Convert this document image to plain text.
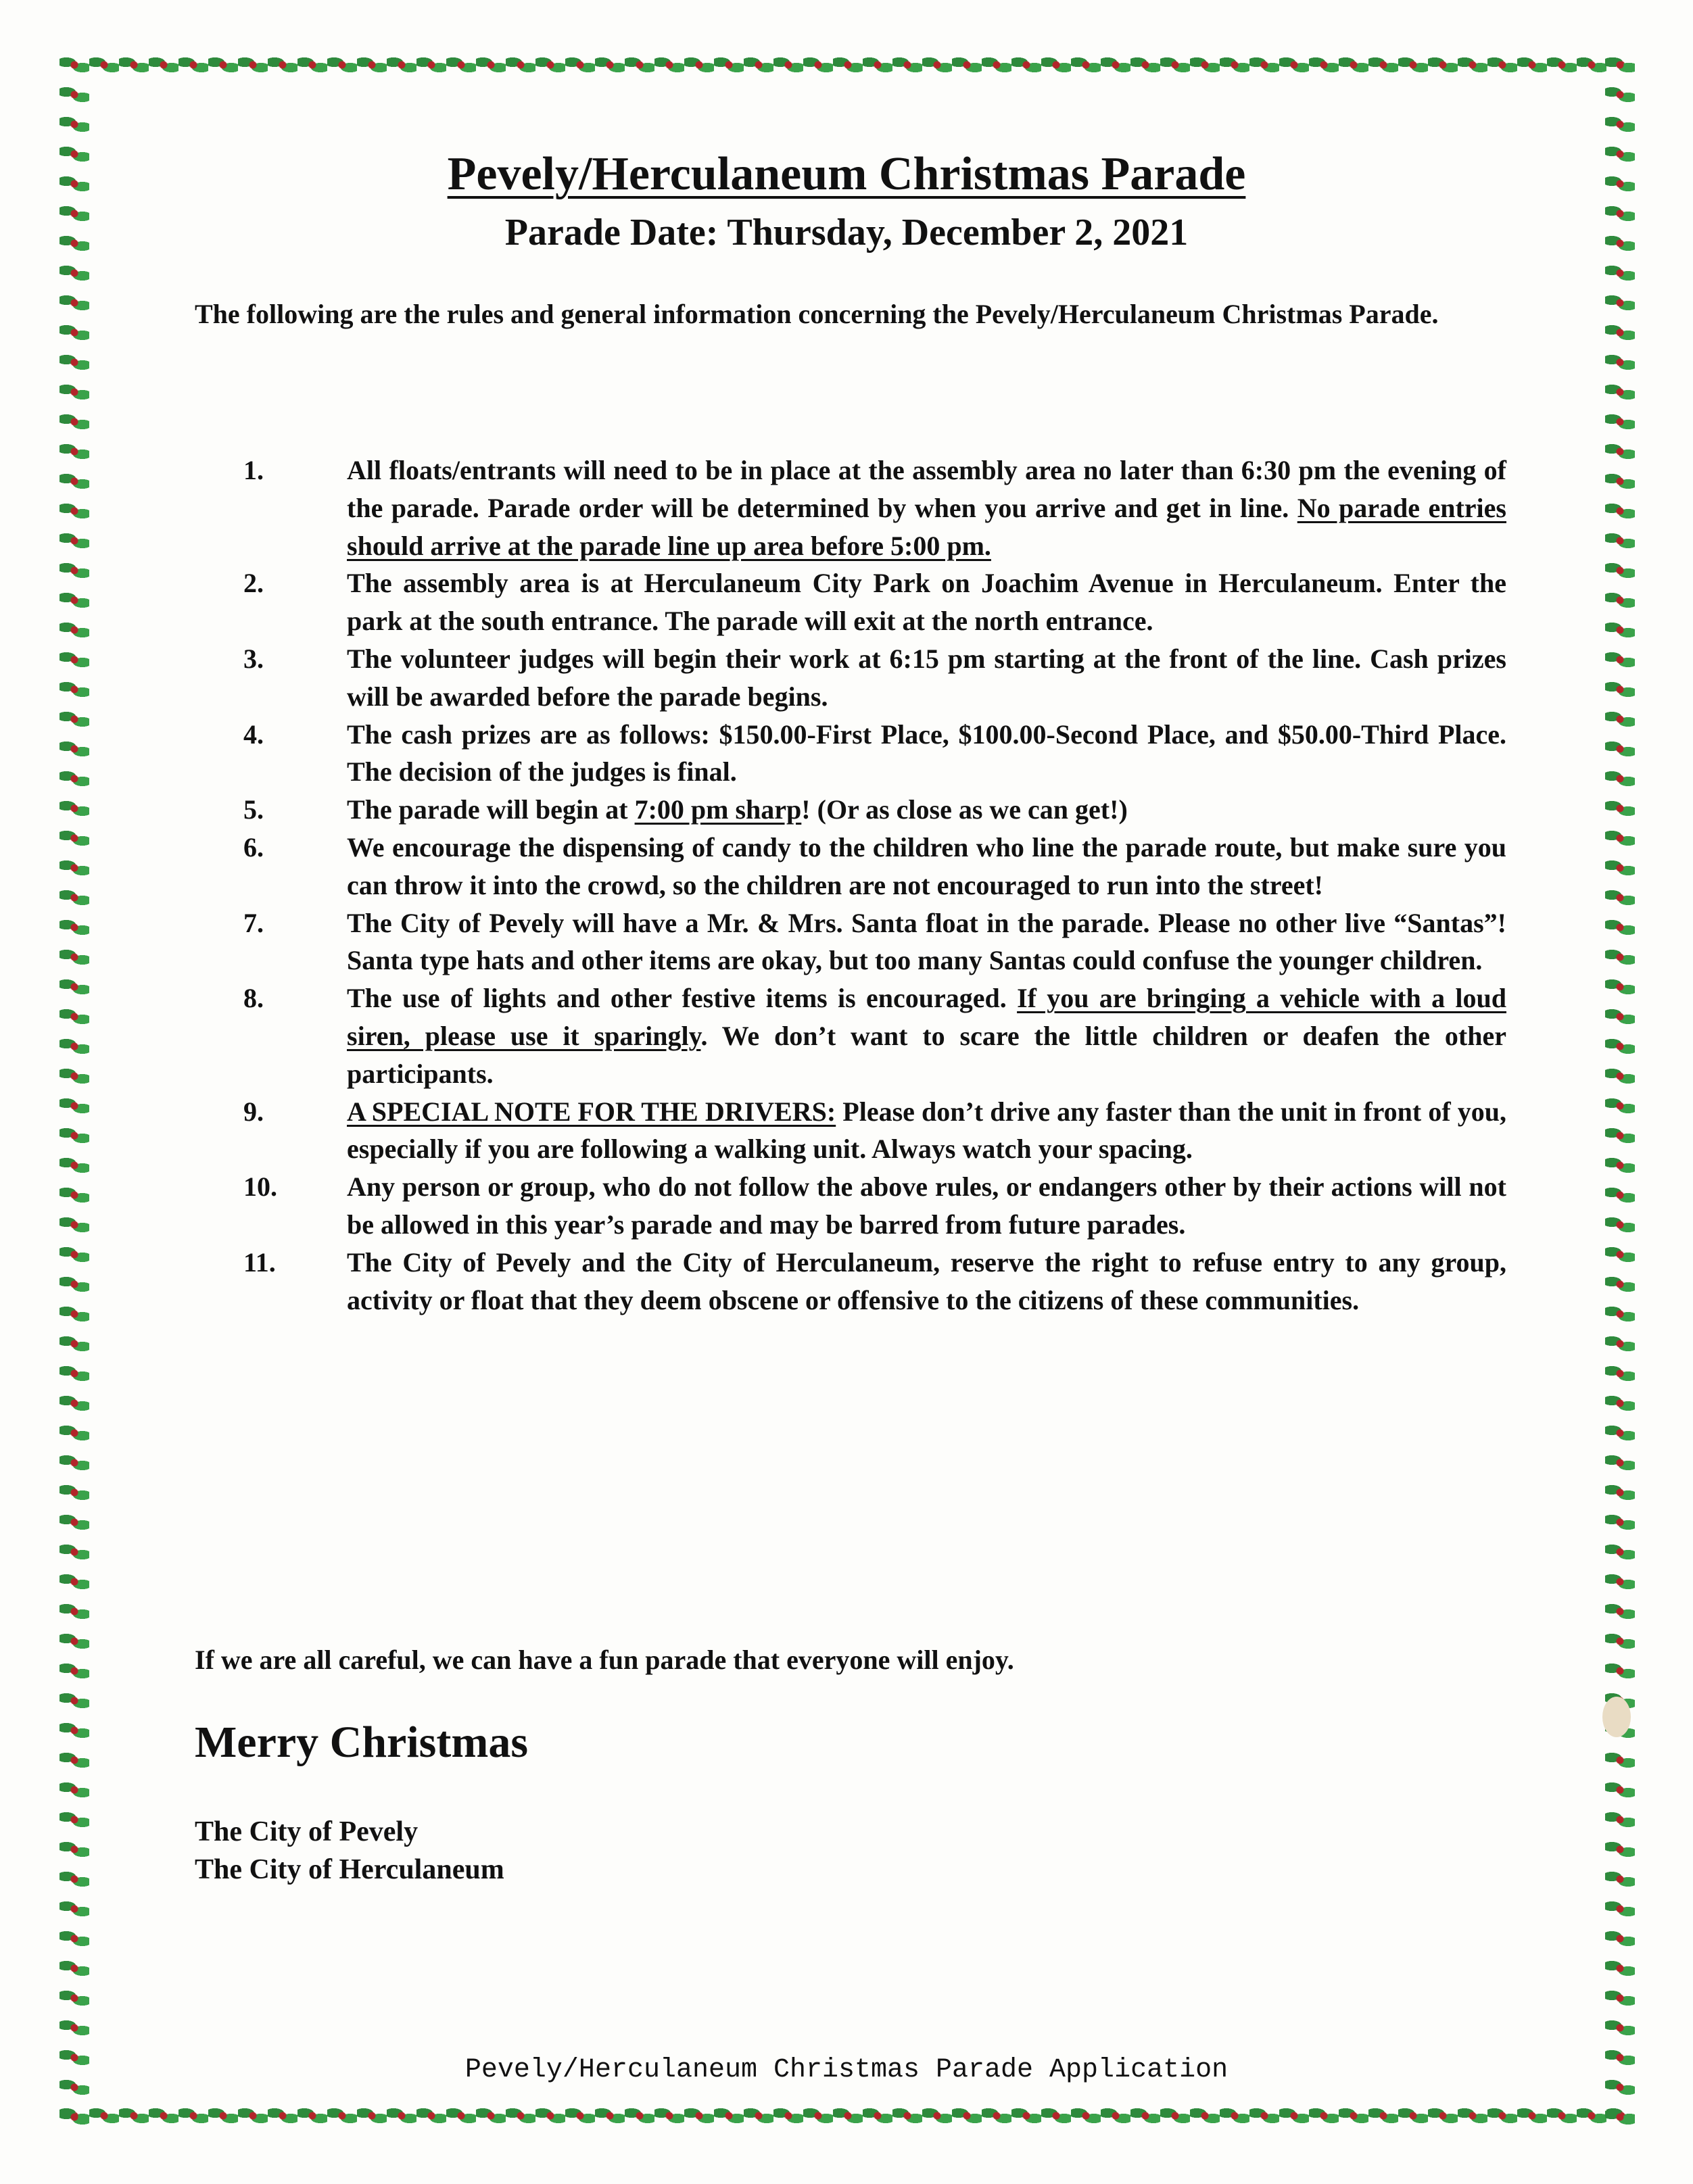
Pevely/Herculaneum Christmas Parade
Parade Date: Thursday, December 2, 2021

The following are the rules and general information concerning the Pevely/Herculaneum Christmas Parade.

1.	All floats/entrants will need to be in place at the assembly area no later than 6:30 pm the evening of the parade. Parade order will be determined by when you arrive and get in line. No parade entries should arrive at the parade line up area before 5:00 pm.
2.	The assembly area is at Herculaneum City Park on Joachim Avenue in Herculaneum. Enter the park at the south entrance. The parade will exit at the north entrance.
3.	The volunteer judges will begin their work at 6:15 pm starting at the front of the line. Cash prizes will be awarded before the parade begins.
4.	The cash prizes are as follows: $150.00-First Place, $100.00-Second Place, and $50.00-Third Place. The decision of the judges is final.
5.	The parade will begin at 7:00 pm sharp! (Or as close as we can get!)
6.	We encourage the dispensing of candy to the children who line the parade route, but make sure you can throw it into the crowd, so the children are not encouraged to run into the street!
7.	The City of Pevely will have a Mr. & Mrs. Santa float in the parade. Please no other live “Santas”! Santa type hats and other items are okay, but too many Santas could confuse the younger children.
8.	The use of lights and other festive items is encouraged. If you are bringing a vehicle with a loud siren, please use it sparingly. We don’t want to scare the little children or deafen the other participants.
9.	A SPECIAL NOTE FOR THE DRIVERS: Please don’t drive any faster than the unit in front of you, especially if you are following a walking unit. Always watch your spacing.
10.	Any person or group, who do not follow the above rules, or endangers other by their actions will not be allowed in this year’s parade and may be barred from future parades.
11.	The City of Pevely and the City of Herculaneum, reserve the right to refuse entry to any group, activity or float that they deem obscene or offensive to the citizens of these communities.

If we are all careful, we can have a fun parade that everyone will enjoy.

Merry Christmas

The City of Pevely

The City of Herculaneum

Pevely/Herculaneum Christmas Parade Application
